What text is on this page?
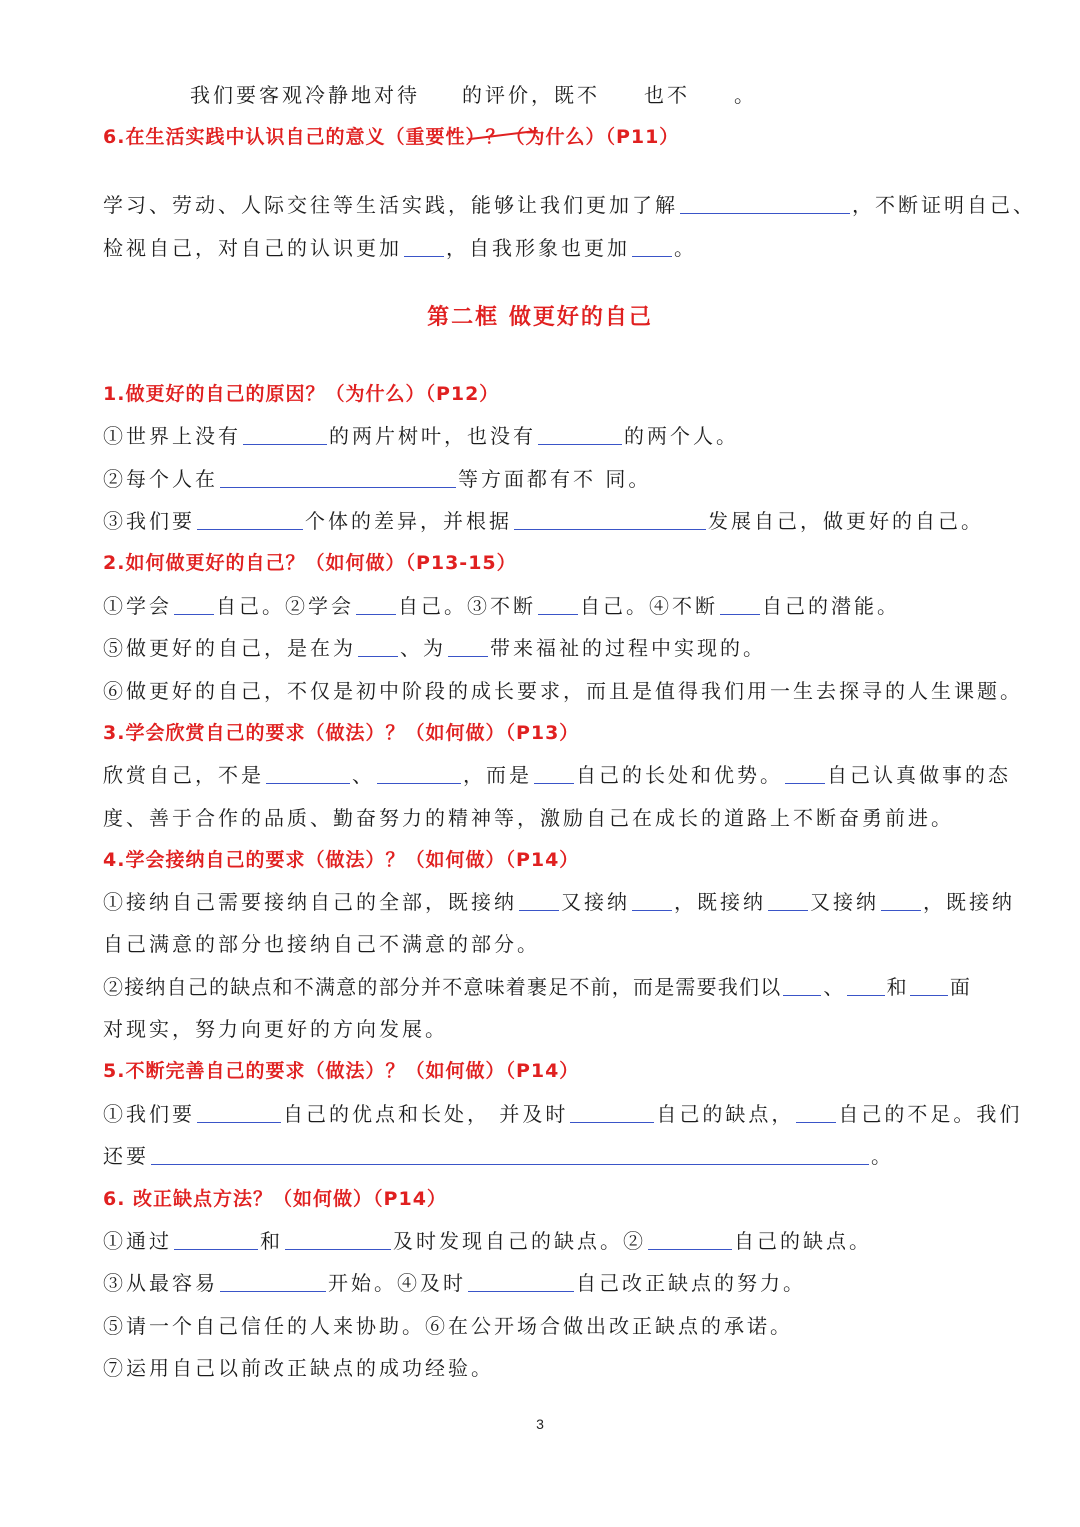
我们要客观冷静地对待 的评价，既不 也不 。
6.在生活实践中认识自己的意义（重要性）？（为什么）（P11）
学习、劳动、人际交往等生活实践，能够让我们更加了解	，不断证明自己、
检视自己，对自己的认识更加 ，自我形象也更加 。
第二框 做更好的自己
1.做更好的自己的原因？（为什么）（P12）
①世界上没有	的两片树叶，也没有	的两个人。
②每个人在	等方面都有不 同。
③我们要	个体的差异，并根据	发展自己，做更好的自己。
2.如何做更好的自己？（如何做）（P13-15）
①学会 自己。②学会 自己。③不断 自己。④不断 自己的潜能。
⑤做更好的自己，是在为 、为 带来福祉的过程中实现的。
⑥做更好的自己，不仅是初中阶段的成长要求，而且是值得我们用一生去探寻的人生课题。
3.学会欣赏自己的要求（做法）？（如何做）（P13）
欣赏自己，不是	、	，而是 自己的长处和优势。 自己认真做事的态
度、善于合作的品质、勤奋努力的精神等，激励自己在成长的道路上不断奋勇前进。
4.学会接纳自己的要求（做法）？（如何做）（P14）
①接纳自己需要接纳自己的全部，既接纳 又接纳 ，既接纳 又接纳 ，既接纳
自己满意的部分也接纳自己不满意的部分。
②接纳自己的缺点和不满意的部分并不意味着裹足不前，而是需要我们以 、 和 面
对现实，努力向更好的方向发展。
5.不断完善自己的要求（做法）？（如何做）（P14）
①我们要	自己的优点和长处， 并及时	自己的缺点， 自己的不足。我们
还要	。
6. 改正缺点方法？（如何做）（P14）
①通过	和	及时发现自己的缺点。②	自己的缺点。
③从最容易	开始。④及时	自己改正缺点的努力。
⑤请一个自己信任的人来协助。⑥在公开场合做出改正缺点的承诺。
⑦运用自己以前改正缺点的成功经验。
3
